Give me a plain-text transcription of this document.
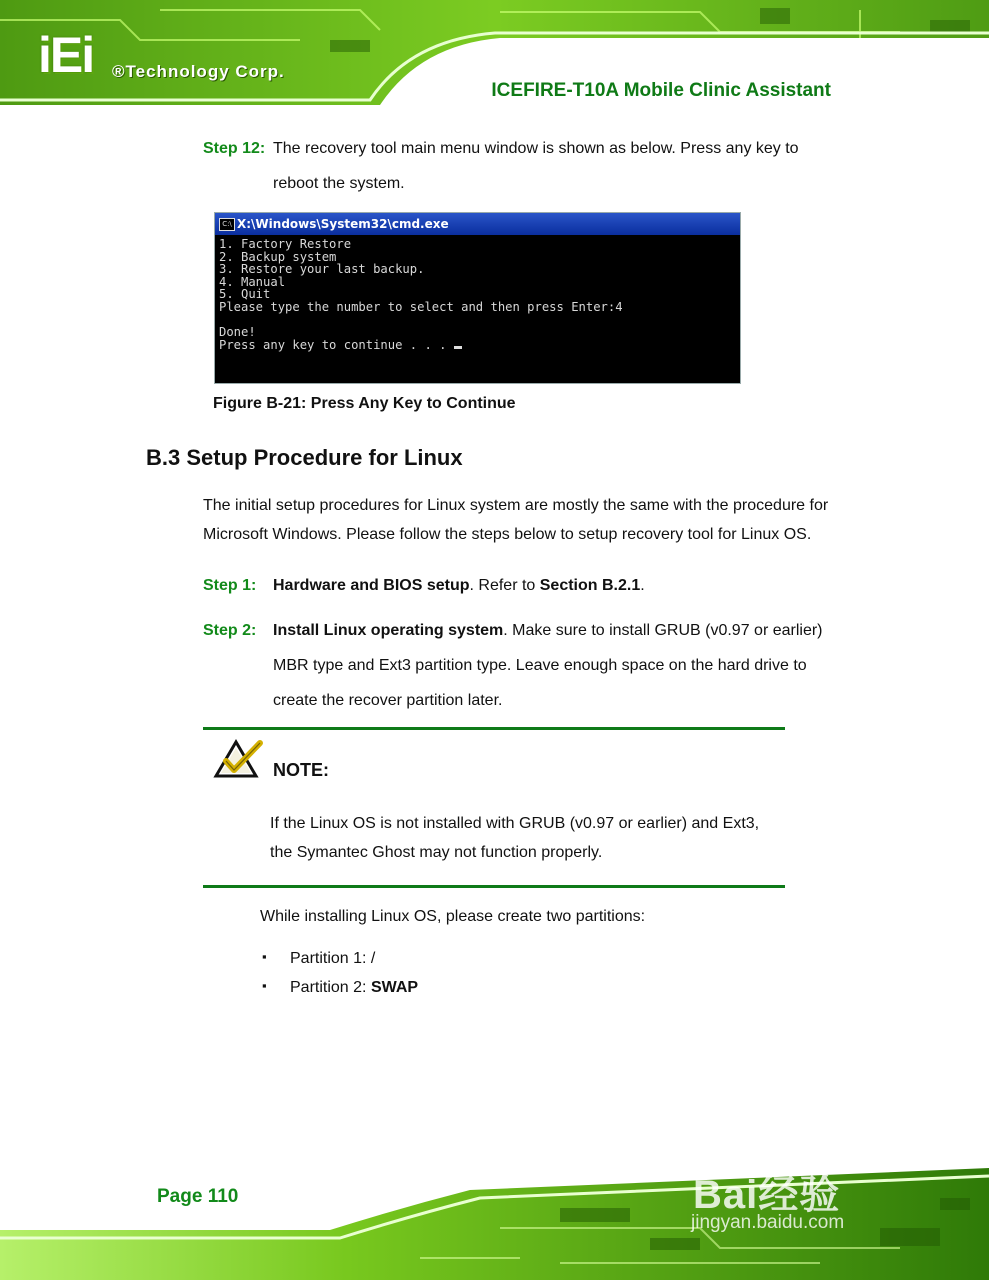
iEi ®Technology Corp.
ICEFIRE-T10A Mobile Clinic Assistant
Step 12: The recovery tool main menu window is shown as below. Press any key to
reboot the system.
C:\ X:\Windows\System32\cmd.exe
1. Factory Restore
2. Backup system
3. Restore your last backup.
4. Manual
5. Quit
Please type the number to select and then press Enter:4
Done!
Press any key to continue . . .
Figure B-21: Press Any Key to Continue
B.3 Setup Procedure for Linux
The initial setup procedures for Linux system are mostly the same with the procedure for
Microsoft Windows. Please follow the steps below to setup recovery tool for Linux OS.
Step 1: Hardware and BIOS setup. Refer to Section B.2.1.
Step 2: Install Linux operating system. Make sure to install GRUB (v0.97 or earlier)
MBR type and Ext3 partition type. Leave enough space on the hard drive to
create the recover partition later.
NOTE:
If the Linux OS is not installed with GRUB (v0.97 or earlier) and Ext3,
the Symantec Ghost may not function properly.
While installing Linux OS, please create two partitions:
▪ Partition 1: /
▪ Partition 2: SWAP
Page 110	Bai经验
jingyan.baidu.com
